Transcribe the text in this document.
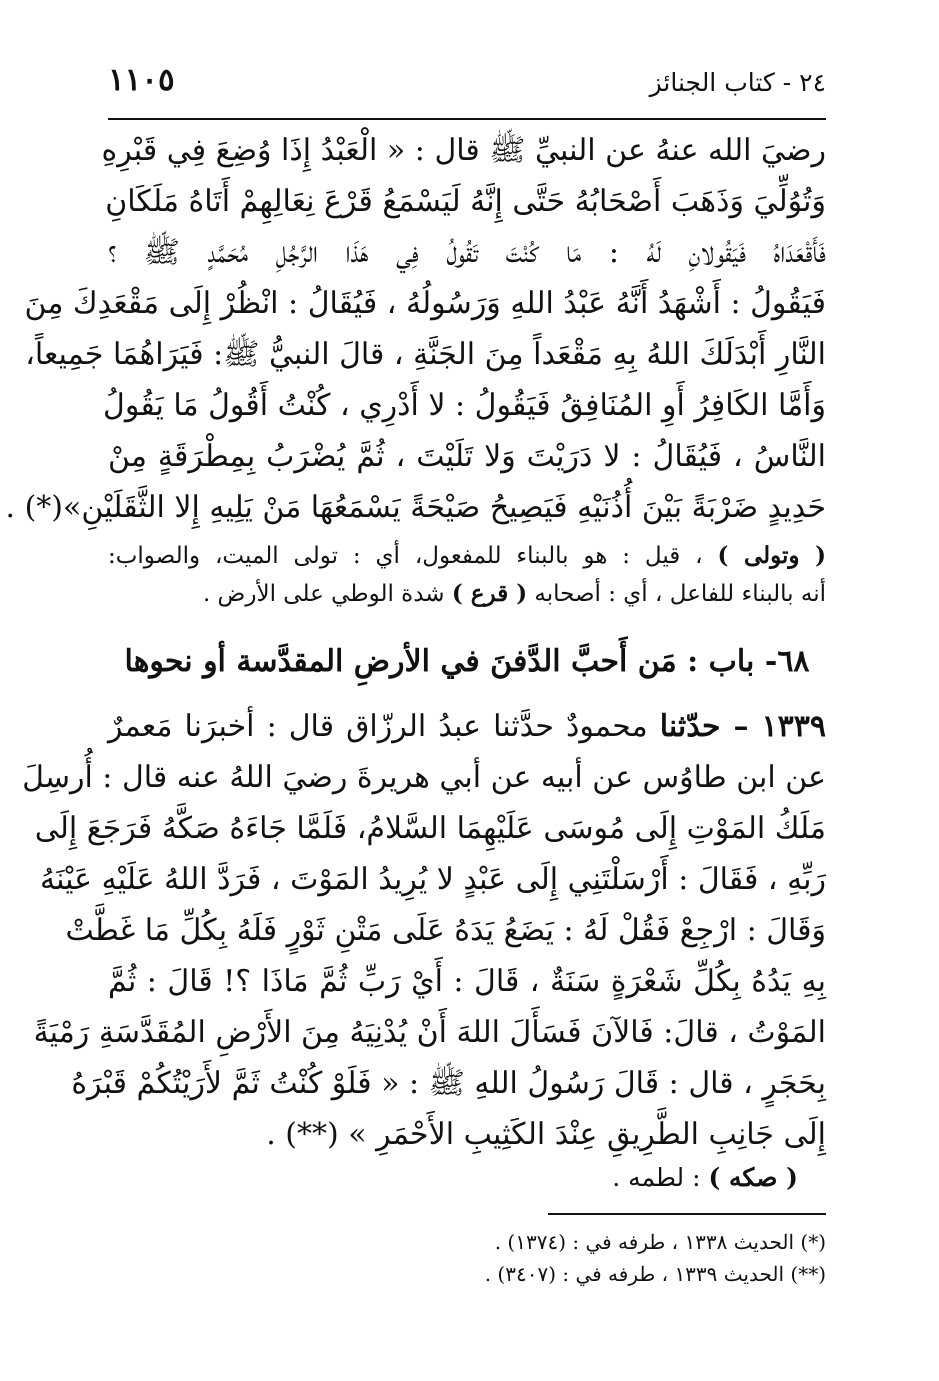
٢٤ - كتاب الجنائز
١١٠٥
رضيَ الله عنهُ عن النبيِّ ﷺ قال : « الْعَبْدُ إِذَا وُضِعَ فِي قَبْرِهِ
وَتُوُلِّيَ وَذَهَبَ أَصْحَابُهُ حَتَّى إِنَّهُ لَيَسْمَعُ قَرْعَ نِعَالِهِمْ أَتَاهُ مَلَكَانِ
فَأَقْعَدَاهُ فَيَقُولانِ لَهُ : مَا كُنْتَ تَقُولُ فِي هَذَا الرَّجُلِ مُحَمَّدٍ ﷺ ؟
فَيَقُولُ : أَشْهَدُ أَنَّهُ عَبْدُ اللهِ وَرَسُولُهُ ، فَيُقَالُ : انْظُرْ إِلَى مَقْعَدِكَ مِنَ
النَّارِ أَبْدَلَكَ اللهُ بِهِ مَقْعَداً مِنَ الجَنَّةِ ، قالَ النبيُّ ﷺ: فَيَرَاهُمَا جَمِيعاً،
وَأَمَّا الكَافِرُ أَوِ المُنَافِقُ فَيَقُولُ : لا أَدْرِي ، كُنْتُ أَقُولُ مَا يَقُولُ
النَّاسُ ، فَيُقَالُ : لا دَرَيْتَ وَلا تَلَيْتَ ، ثُمَّ يُضْرَبُ بِمِطْرَقَةٍ مِنْ
حَدِيدٍ ضَرْبَةً بَيْنَ أُذُنَيْهِ فَيَصِيحُ صَيْحَةً يَسْمَعُهَا مَنْ يَلِيهِ إِلا الثَّقَلَيْنِ»(*) .
( وتولى ) ، قيل : هو بالبناء للمفعول، أي : تولى الميت، والصواب:
أنه بالبناء للفاعل ، أي : أصحابه ( قرع ) شدة الوطي على الأرض .
٦٨- باب : مَن أَحبَّ الدَّفنَ في الأرضِ المقدَّسة أو نحوها
١٣٣٩ – حدّثنا محمودٌ حدَّثنا عبدُ الرزّاق قال : أخبرَنا مَعمرٌ
عن ابن طاوُس عن أبيه عن أبي هريرةَ رضيَ اللهُ عنه قال : أُرسِلَ
مَلَكُ المَوْتِ إِلَى مُوسَى عَلَيْهِمَا السَّلامُ، فَلَمَّا جَاءَهُ صَكَّهُ فَرَجَعَ إِلَى
رَبِّهِ ، فَقَالَ : أَرْسَلْتَنِي إِلَى عَبْدٍ لا يُرِيدُ المَوْتَ ، فَرَدَّ اللهُ عَلَيْهِ عَيْنَهُ
وَقَالَ : ارْجِعْ فَقُلْ لَهُ : يَضَعُ يَدَهُ عَلَى مَتْنِ ثَوْرٍ فَلَهُ بِكُلِّ مَا غَطَّتْ
بِهِ يَدُهُ بِكُلِّ شَعْرَةٍ سَنَةٌ ، قَالَ : أَيْ رَبِّ ثُمَّ مَاذَا ؟! قَالَ : ثُمَّ
المَوْتُ ، قالَ: فَالآنَ فَسَأَلَ اللهَ أَنْ يُدْنِيَهُ مِنَ الأَرْضِ المُقَدَّسَةِ رَمْيَةً
بِحَجَرٍ ، قال : قَالَ رَسُولُ اللهِ ﷺ : « فَلَوْ كُنْتُ ثَمَّ لأَرَيْتُكُمْ قَبْرَهُ
إِلَى جَانِبِ الطَّرِيقِ عِنْدَ الكَثِيبِ الأَحْمَرِ » (**) .
( صكه ) : لطمه .
(*) الحديث ١٣٣٨ ، طرفه في : (١٣٧٤) .
(**) الحديث ١٣٣٩ ، طرفه في : (٣٤٠٧) .
